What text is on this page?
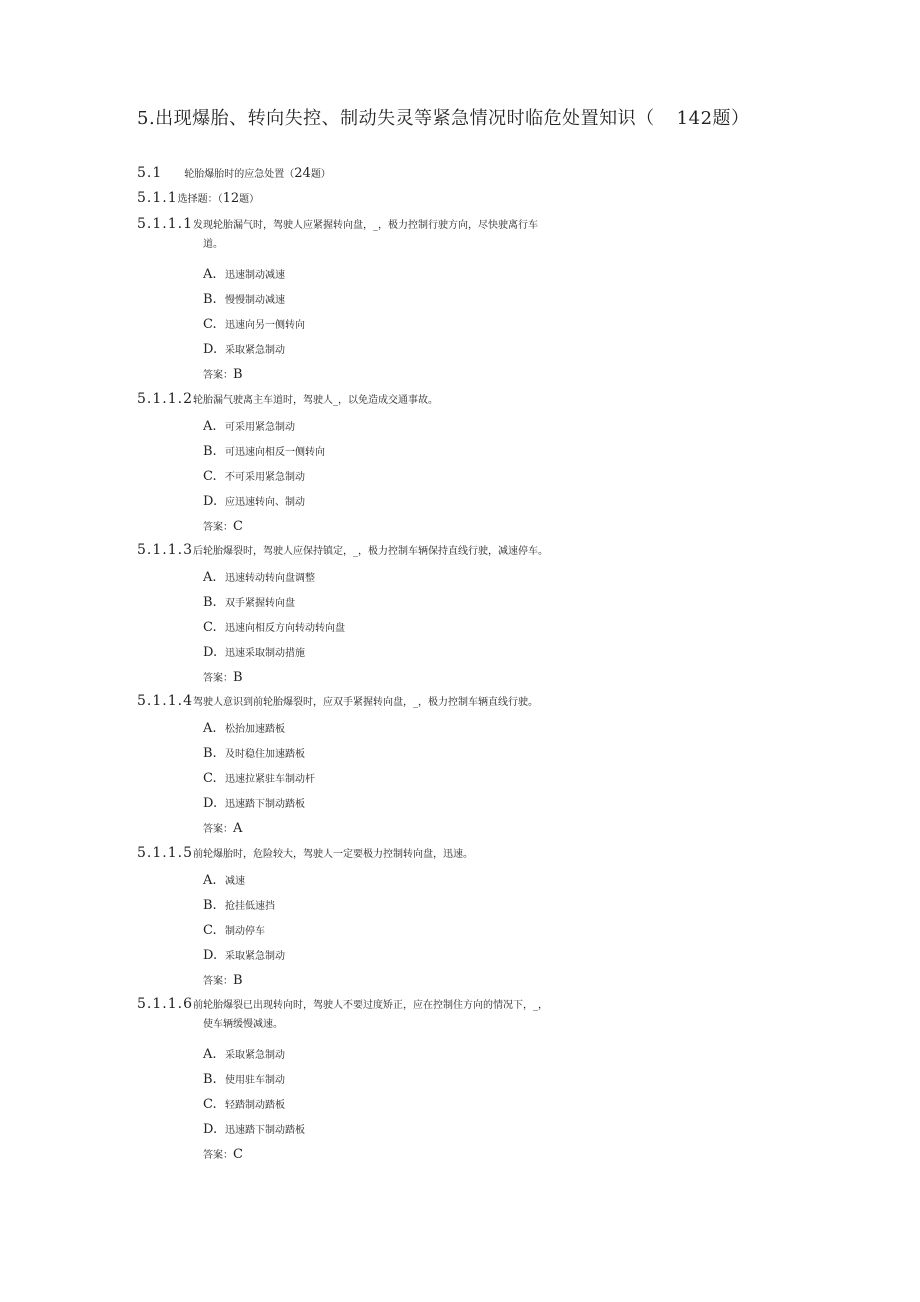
5.出现爆胎、转向失控、制动失灵等紧急情况时临危处置知识（ 142题）
5.1 轮胎爆胎时的应急处置（24题）
5.1.1选择题：（12题）
5.1.1.1发现轮胎漏气时，驾驶人应紧握转向盘，_，极力控制行驶方向，尽快驶离行车
道。
A. 迅速制动减速
B. 慢慢制动减速
C. 迅速向另一侧转向
D. 采取紧急制动
答案：B
5.1.1.2轮胎漏气驶离主车道时，驾驶人_，以免造成交通事故。
A. 可采用紧急制动
B. 可迅速向相反一侧转向
C. 不可采用紧急制动
D. 应迅速转向、制动
答案：C
5.1.1.3后轮胎爆裂时，驾驶人应保持镇定，_，极力控制车辆保持直线行驶，减速停车。
A. 迅速转动转向盘调整
B. 双手紧握转向盘
C. 迅速向相反方向转动转向盘
D. 迅速采取制动措施
答案：B
5.1.1.4驾驶人意识到前轮胎爆裂时，应双手紧握转向盘，_，极力控制车辆直线行驶。
A. 松抬加速踏板
B. 及时稳住加速踏板
C. 迅速拉紧驻车制动杆
D. 迅速踏下制动踏板
答案：A
5.1.1.5前轮爆胎时，危险较大，驾驶人一定要极力控制转向盘，迅速。
A. 减速
B. 抢挂低速挡
C. 制动停车
D. 采取紧急制动
答案：B
5.1.1.6前轮胎爆裂已出现转向时，驾驶人不要过度矫正，应在控制住方向的情况下，_，
使车辆缓慢减速。
A. 采取紧急制动
B. 使用驻车制动
C. 轻踏制动踏板
D. 迅速踏下制动踏板
答案：C
